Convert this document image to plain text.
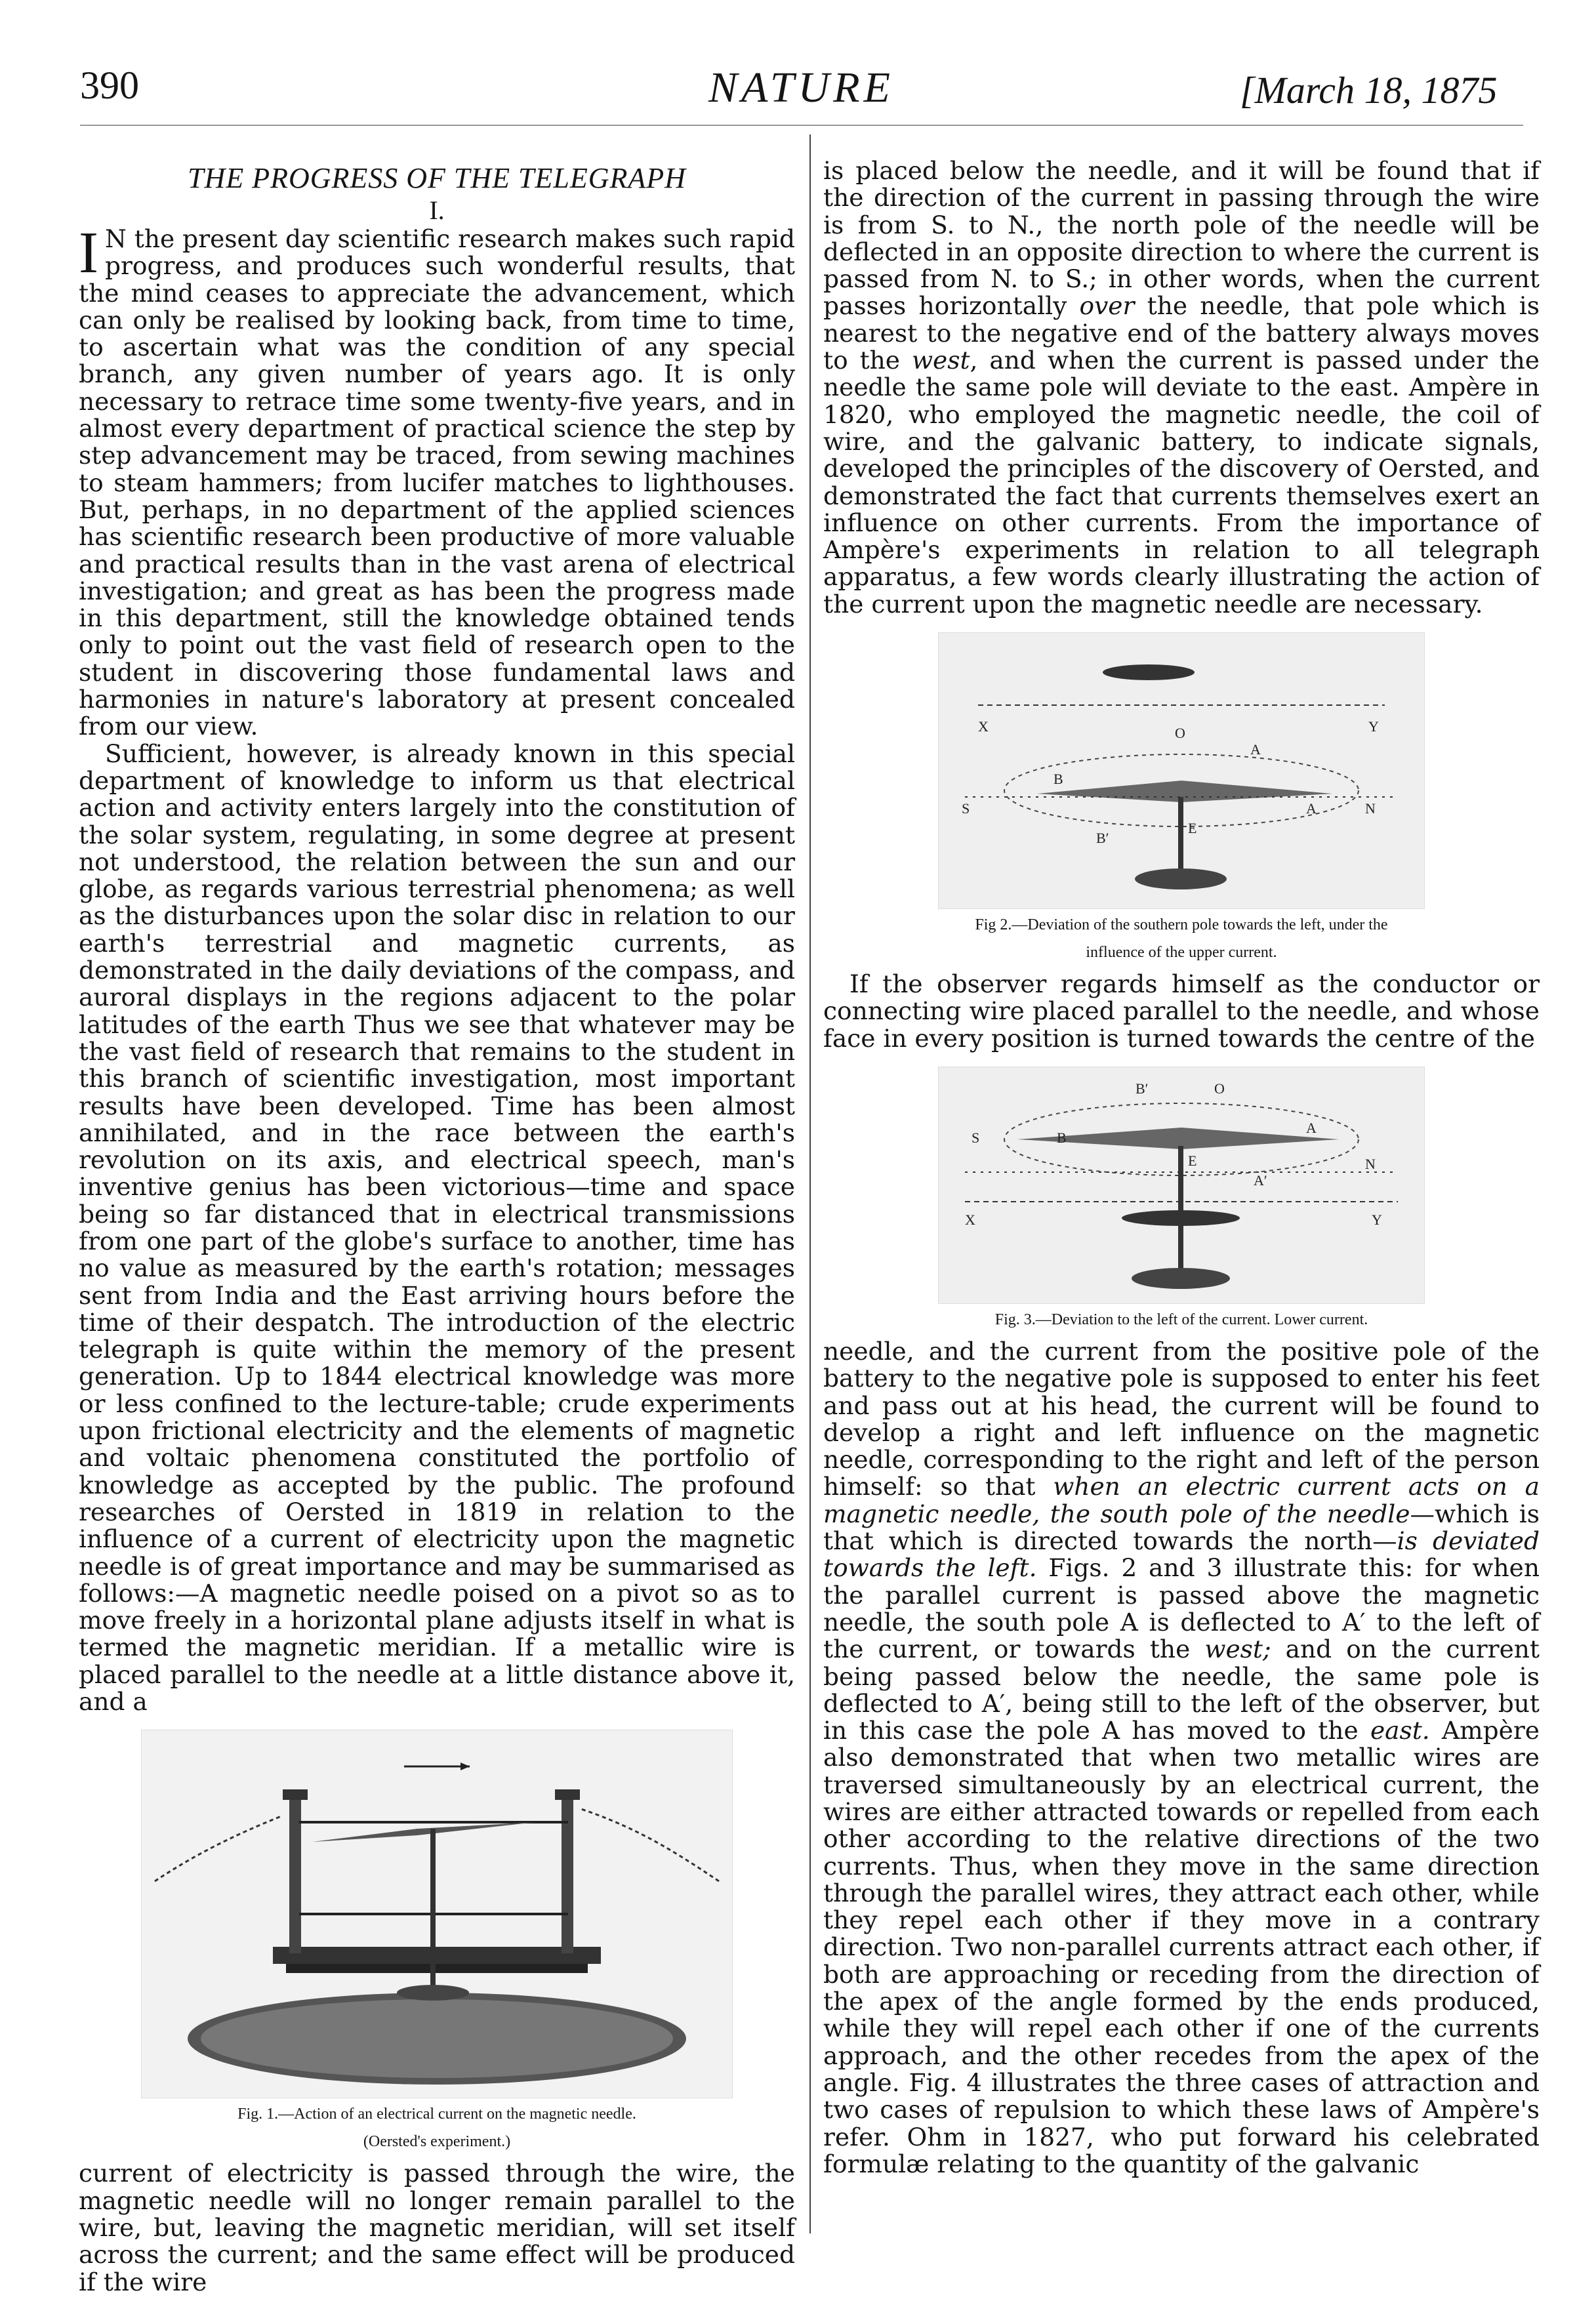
390	NATURE	[March 18, 1875
THE PROGRESS OF THE TELEGRAPH
I.

I N the present day scientific research makes such rapid progress, and produces such wonderful results, that the mind ceases to appreciate the advancement, which can only be realised by looking back, from time to time, to ascertain what was the condition of any special branch, any given number of years ago. It is only necessary to retrace time some twenty-five years, and in almost every department of practical science the step by step advancement may be traced, from sewing machines to steam hammers; from lucifer matches to lighthouses. But, perhaps, in no department of the applied sciences has scientific research been productive of more valuable and practical results than in the vast arena of electrical investigation; and great as has been the progress made in this department, still the knowledge obtained tends only to point out the vast field of research open to the student in discovering those fundamental laws and harmonies in nature's laboratory at present concealed from our view.

Sufficient, however, is already known in this special department of knowledge to inform us that electrical action and activity enters largely into the constitution of the solar system, regulating, in some degree at present not understood, the relation between the sun and our globe, as regards various terrestrial phenomena; as well as the disturbances upon the solar disc in relation to our earth's terrestrial and magnetic currents, as demonstrated in the daily deviations of the compass, and auroral displays in the regions adjacent to the polar latitudes of the earth Thus we see that whatever may be the vast field of research that remains to the student in this branch of scientific investigation, most important results have been developed. Time has been almost annihilated, and in the race between the earth's revolution on its axis, and electrical speech, man's inventive genius has been victorious—time and space being so far distanced that in electrical transmissions from one part of the globe's surface to another, time has no value as measured by the earth's rotation; messages sent from India and the East arriving hours before the time of their despatch. The introduction of the electric telegraph is quite within the memory of the present generation. Up to 1844 electrical knowledge was more or less confined to the lecture-table; crude experiments upon frictional electricity and the elements of magnetic and voltaic phenomena constituted the portfolio of knowledge as accepted by the public. The profound researches of Oersted in 1819 in relation to the influence of a current of electricity upon the magnetic needle is of great importance and may be summarised as follows:—A magnetic needle poised on a pivot so as to move freely in a horizontal plane adjusts itself in what is termed the magnetic meridian. If a metallic wire is placed parallel to the needle at a little distance above it, and a

Fig. 1.—Action of an electrical current on the magnetic needle.
(Oersted's experiment.)

current of electricity is passed through the wire, the magnetic needle will no longer remain parallel to the wire, but, leaving the magnetic meridian, will set itself across the current; and the same effect will be produced if the wire

is placed below the needle, and it will be found that if the direction of the current in passing through the wire is from S. to N., the north pole of the needle will be deflected in an opposite direction to where the current is passed from N. to S.; in other words, when the current passes horizontally over the needle, that pole which is nearest to the negative end of the battery always moves to the west, and when the current is passed under the needle the same pole will deviate to the east. Ampère in 1820, who employed the magnetic needle, the coil of wire, and the galvanic battery, to indicate signals, developed the principles of the discovery of Oersted, and demonstrated the fact that currents themselves exert an influence on other currents. From the importance of Ampère's experiments in relation to all telegraph apparatus, a few words clearly illustrating the action of the current upon the magnetic needle are necessary.

X	Y
O
B
A
B′
E
S	A	N
Fig 2.—Deviation of the southern pole towards the left, under the
influence of the upper current.

If the observer regards himself as the conductor or connecting wire placed parallel to the needle, and whose face in every position is turned towards the centre of the

B′	O
S	B
A
N
E
A′
X	Y
Fig. 3.—Deviation to the left of the current. Lower current.

needle, and the current from the positive pole of the battery to the negative pole is supposed to enter his feet and pass out at his head, the current will be found to develop a right and left influence on the magnetic needle, corresponding to the right and left of the person himself: so that when an electric current acts on a magnetic needle, the south pole of the needle—which is that which is directed towards the north—is deviated towards the left. Figs. 2 and 3 illustrate this: for when the parallel current is passed above the magnetic needle, the south pole A is deflected to A′ to the left of the current, or towards the west; and on the current being passed below the needle, the same pole is deflected to A′, being still to the left of the observer, but in this case the pole A has moved to the east. Ampère also demonstrated that when two metallic wires are traversed simultaneously by an electrical current, the wires are either attracted towards or repelled from each other according to the relative directions of the two currents. Thus, when they move in the same direction through the parallel wires, they attract each other, while they repel each other if they move in a contrary direction. Two non-parallel currents attract each other, if both are approaching or receding from the direction of the apex of the angle formed by the ends produced, while they will repel each other if one of the currents approach, and the other recedes from the apex of the angle. Fig. 4 illustrates the three cases of attraction and two cases of repulsion to which these laws of Ampère's refer. Ohm in 1827, who put forward his celebrated formulæ relating to the quantity of the galvanic
